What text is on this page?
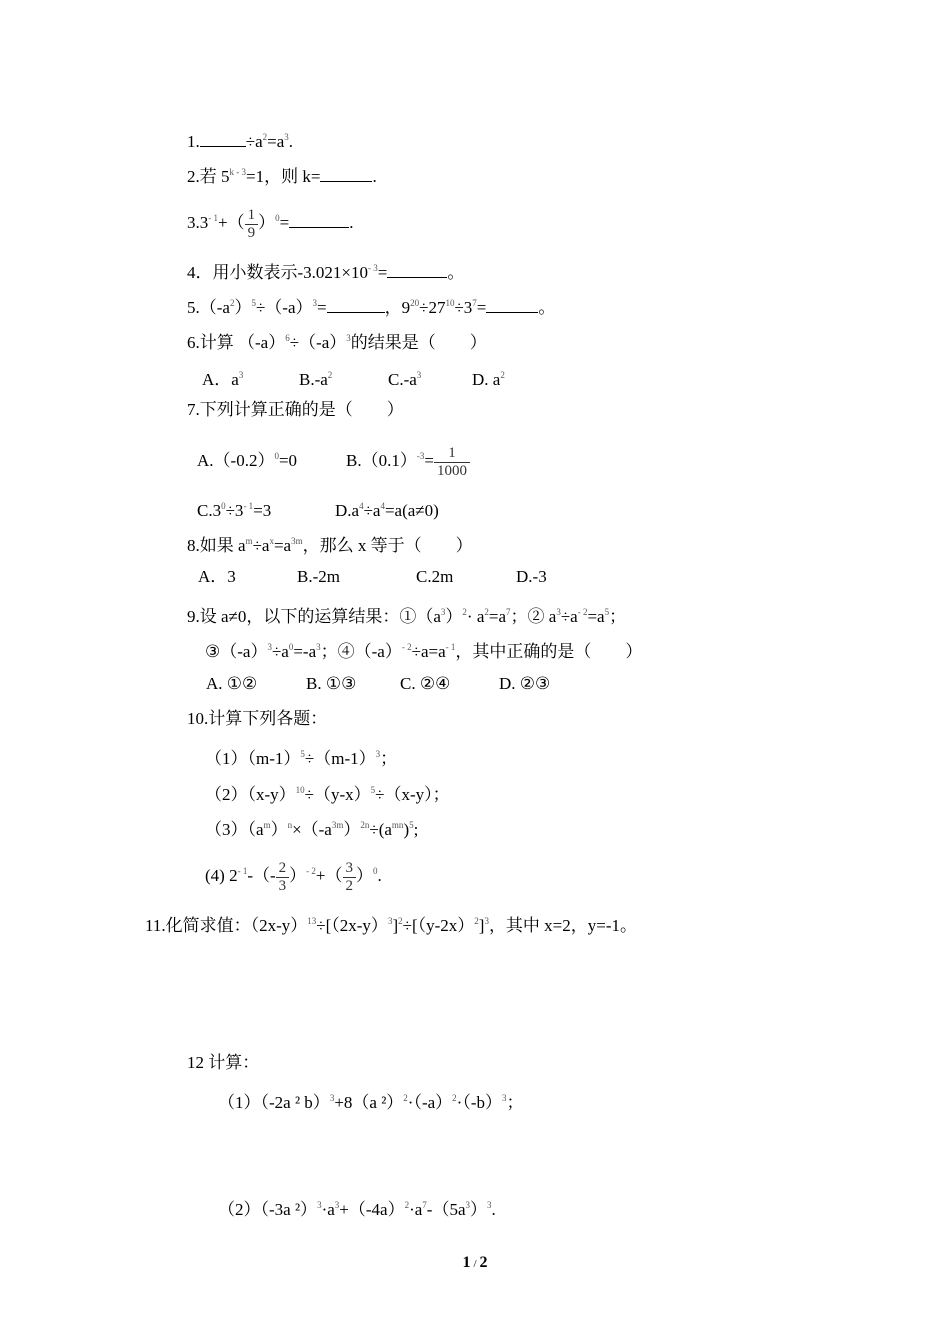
1.	$\div a^2=a^3$.
2.若 $5^{k - 3}=1$，则 k=	.
$3.3^{- 1}+( \frac{1}{9} )^0=$	.
4．用小数表示$-3.021\times 10^{- 3}=$	。
$5.(-a^2)^5\div(-a)^3=$	，$9^{20}\div 27^{10}\div 3^7=$	。
6.计算 $(-a)^6\div(-a)^3$的结果是（　　）
A．$a^3$	$B.-a^2$	$C.-a^3$	D. $a^2$
7.下列计算正确的是（　　）
$A.(-0.2)^0=0$	$B.(0.1)^{-3}= \frac{1}{1000}$
$C.3^0\div 3^{- 1}=3$	$D.a^4\div a^4=a(a\ne 0)$
8.如果 $a^m\div a^x=a^{3m}$，那么 x 等于（　　）
A．3	B.-2m	C.2m	D.-3
9.设 a≠0，以下的运算结果：$①(a^3)^2\cdot a^2=a^7$；② $a^3\div a^{- 2}=a^5$；
$③(-a)^3\div a^0=-a^3$；$④(-a)^{- 2}\div a=a^{- 1}$，其中正确的是（　　）
A. ①②	B. ①③	C. ②④	D. ②③
10.计算下列各题：
$(1)(m-1)^5\div(m-1)^3$；
$(2)(x-y)^{10}\div(y-x)^5\div(x-y)$；
$(3)(a^m)^n\times(-a^{3m})^{2n}\div(a^{mn})^5$;
(4) $2^{- 1}-(- \frac{2}{3} )^{- 2}+( \frac{3}{2} )^0$.
11.化简求值：$(2x-y)^{13}\div[(2x-y)^3]^2\div[(y-2x)^2]^3$，其中 x=2，y=-1。
12 计算：
（1）（-2a ² b）$^3$+8（a $^2)^2\cdot(-a)^2\cdot(-b)^3$；
（2）（-3a $^2)^3\cdot a^3+(-4a)^2\cdot a^7-(5a^3)^3$.
1 / 2
